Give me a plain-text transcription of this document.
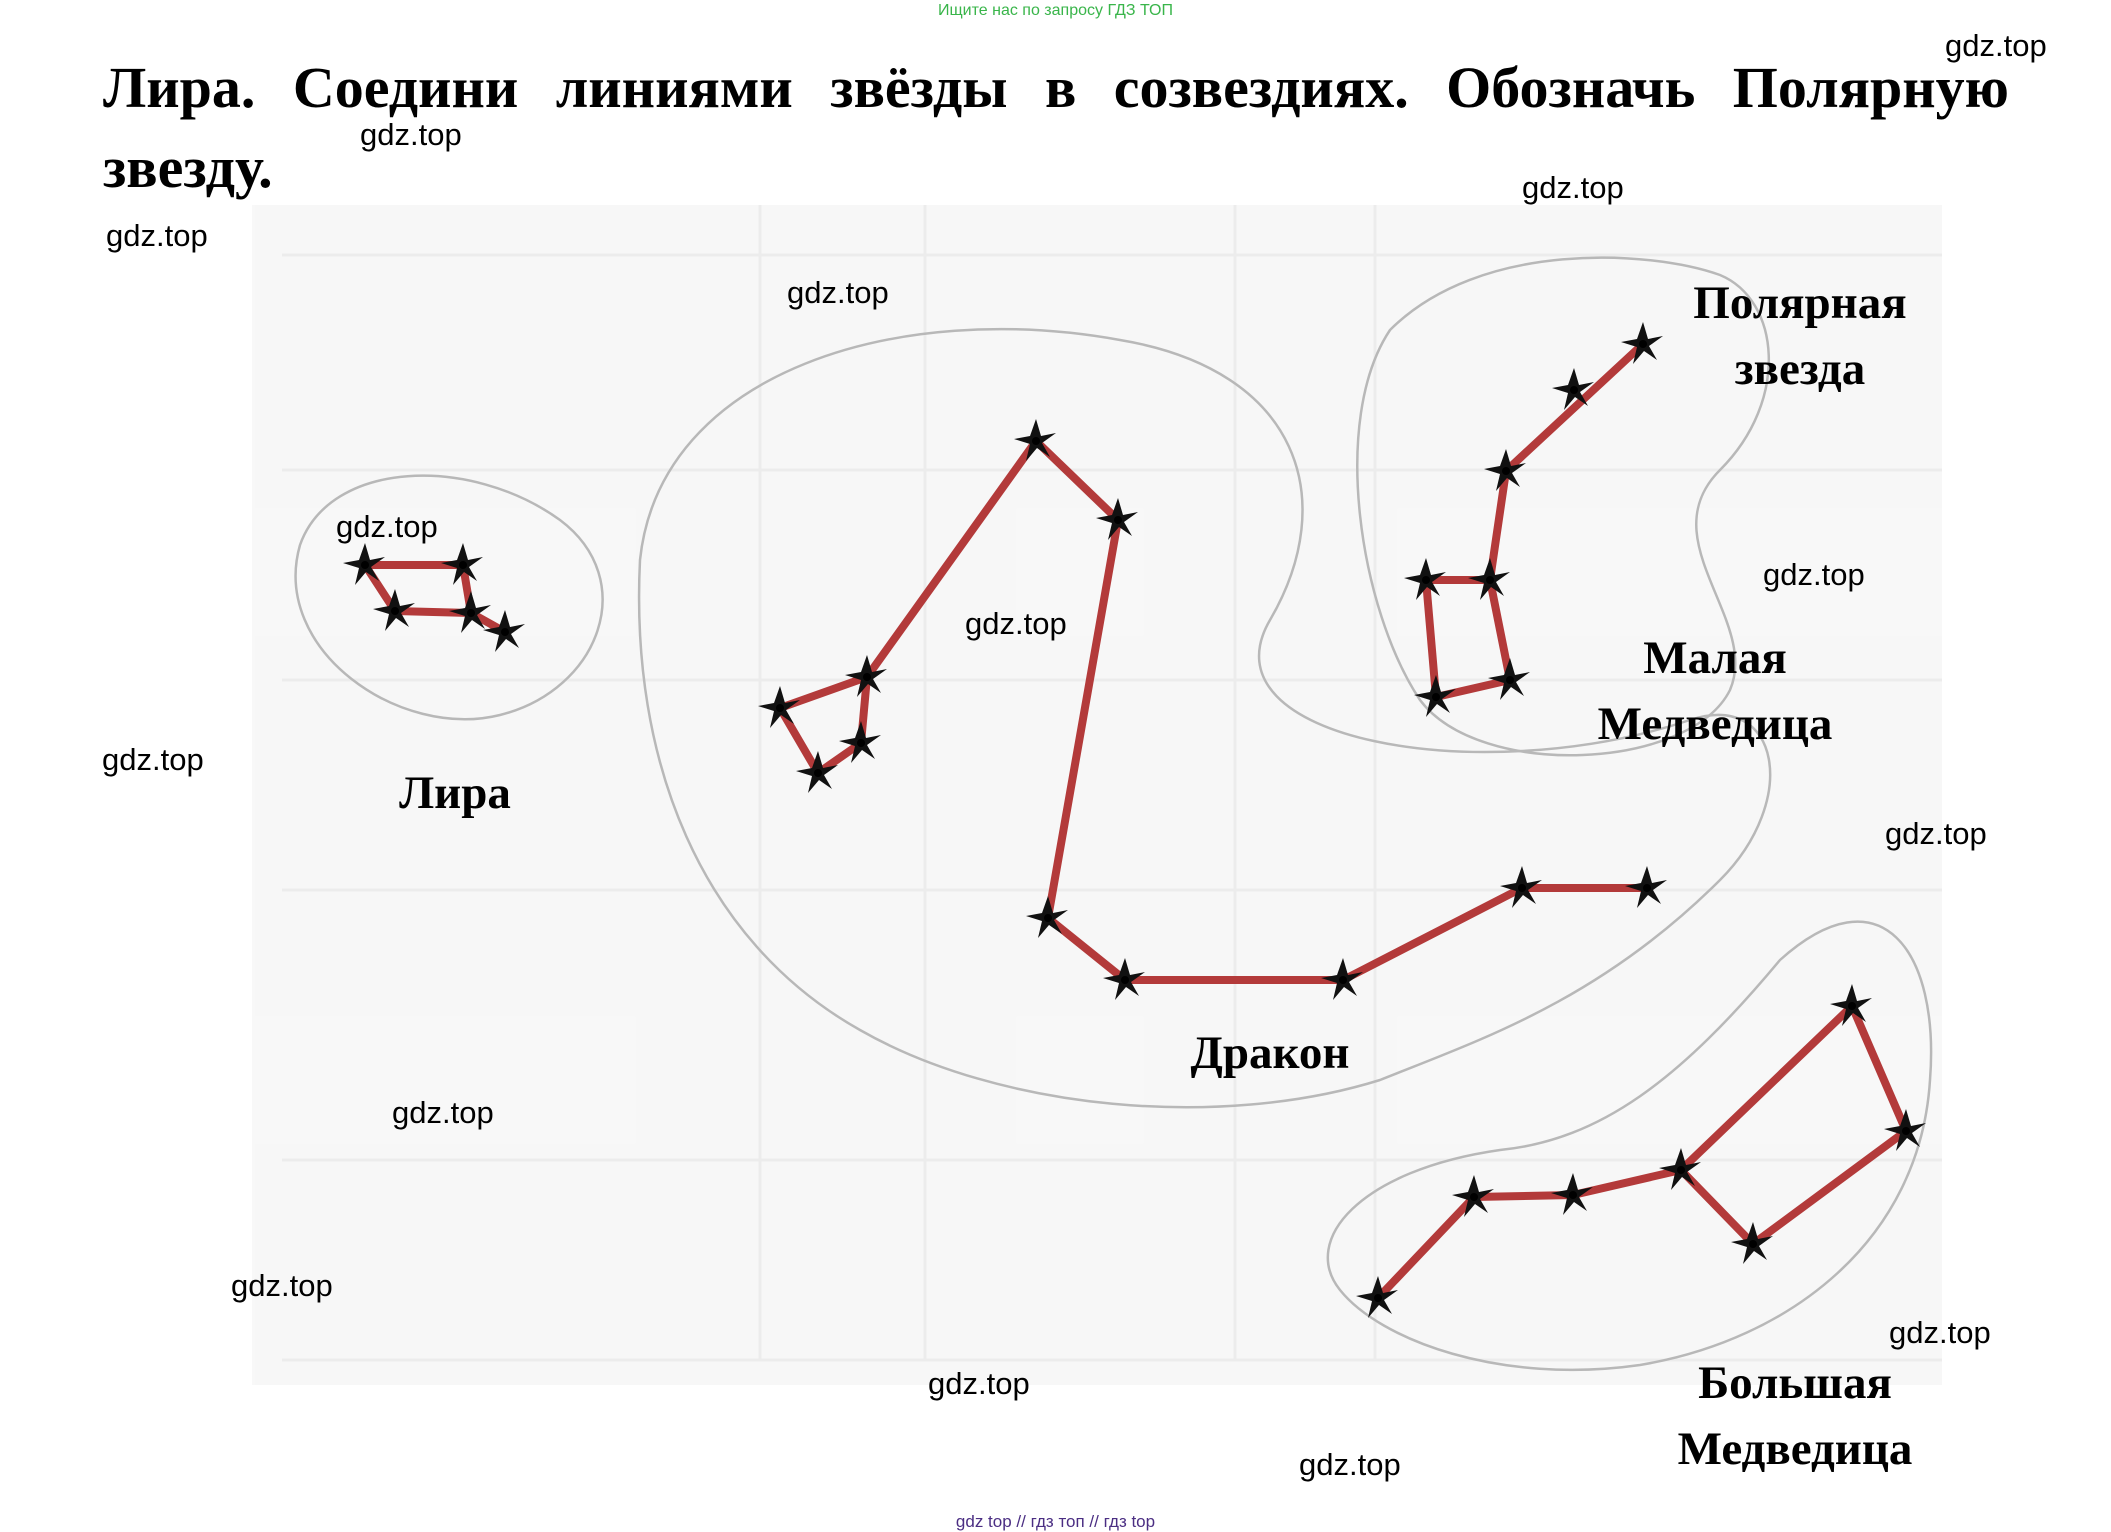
Ищите нас по запросу ГДЗ ТОП
Лира. Соедини линиями звёзды в созвездиях. Обозначь Полярную звезду.
Лира
Полярная
звезда
Малая
Медведица
Дракон
Большая
Медведица
gdz.top
gdz.top
gdz.top
gdz.top
gdz.top
gdz.top
gdz.top
gdz.top
gdz.top
gdz.top
gdz.top
gdz.top
gdz.top
gdz.top
gdz.top
gdz top // гдз топ // гдз top
